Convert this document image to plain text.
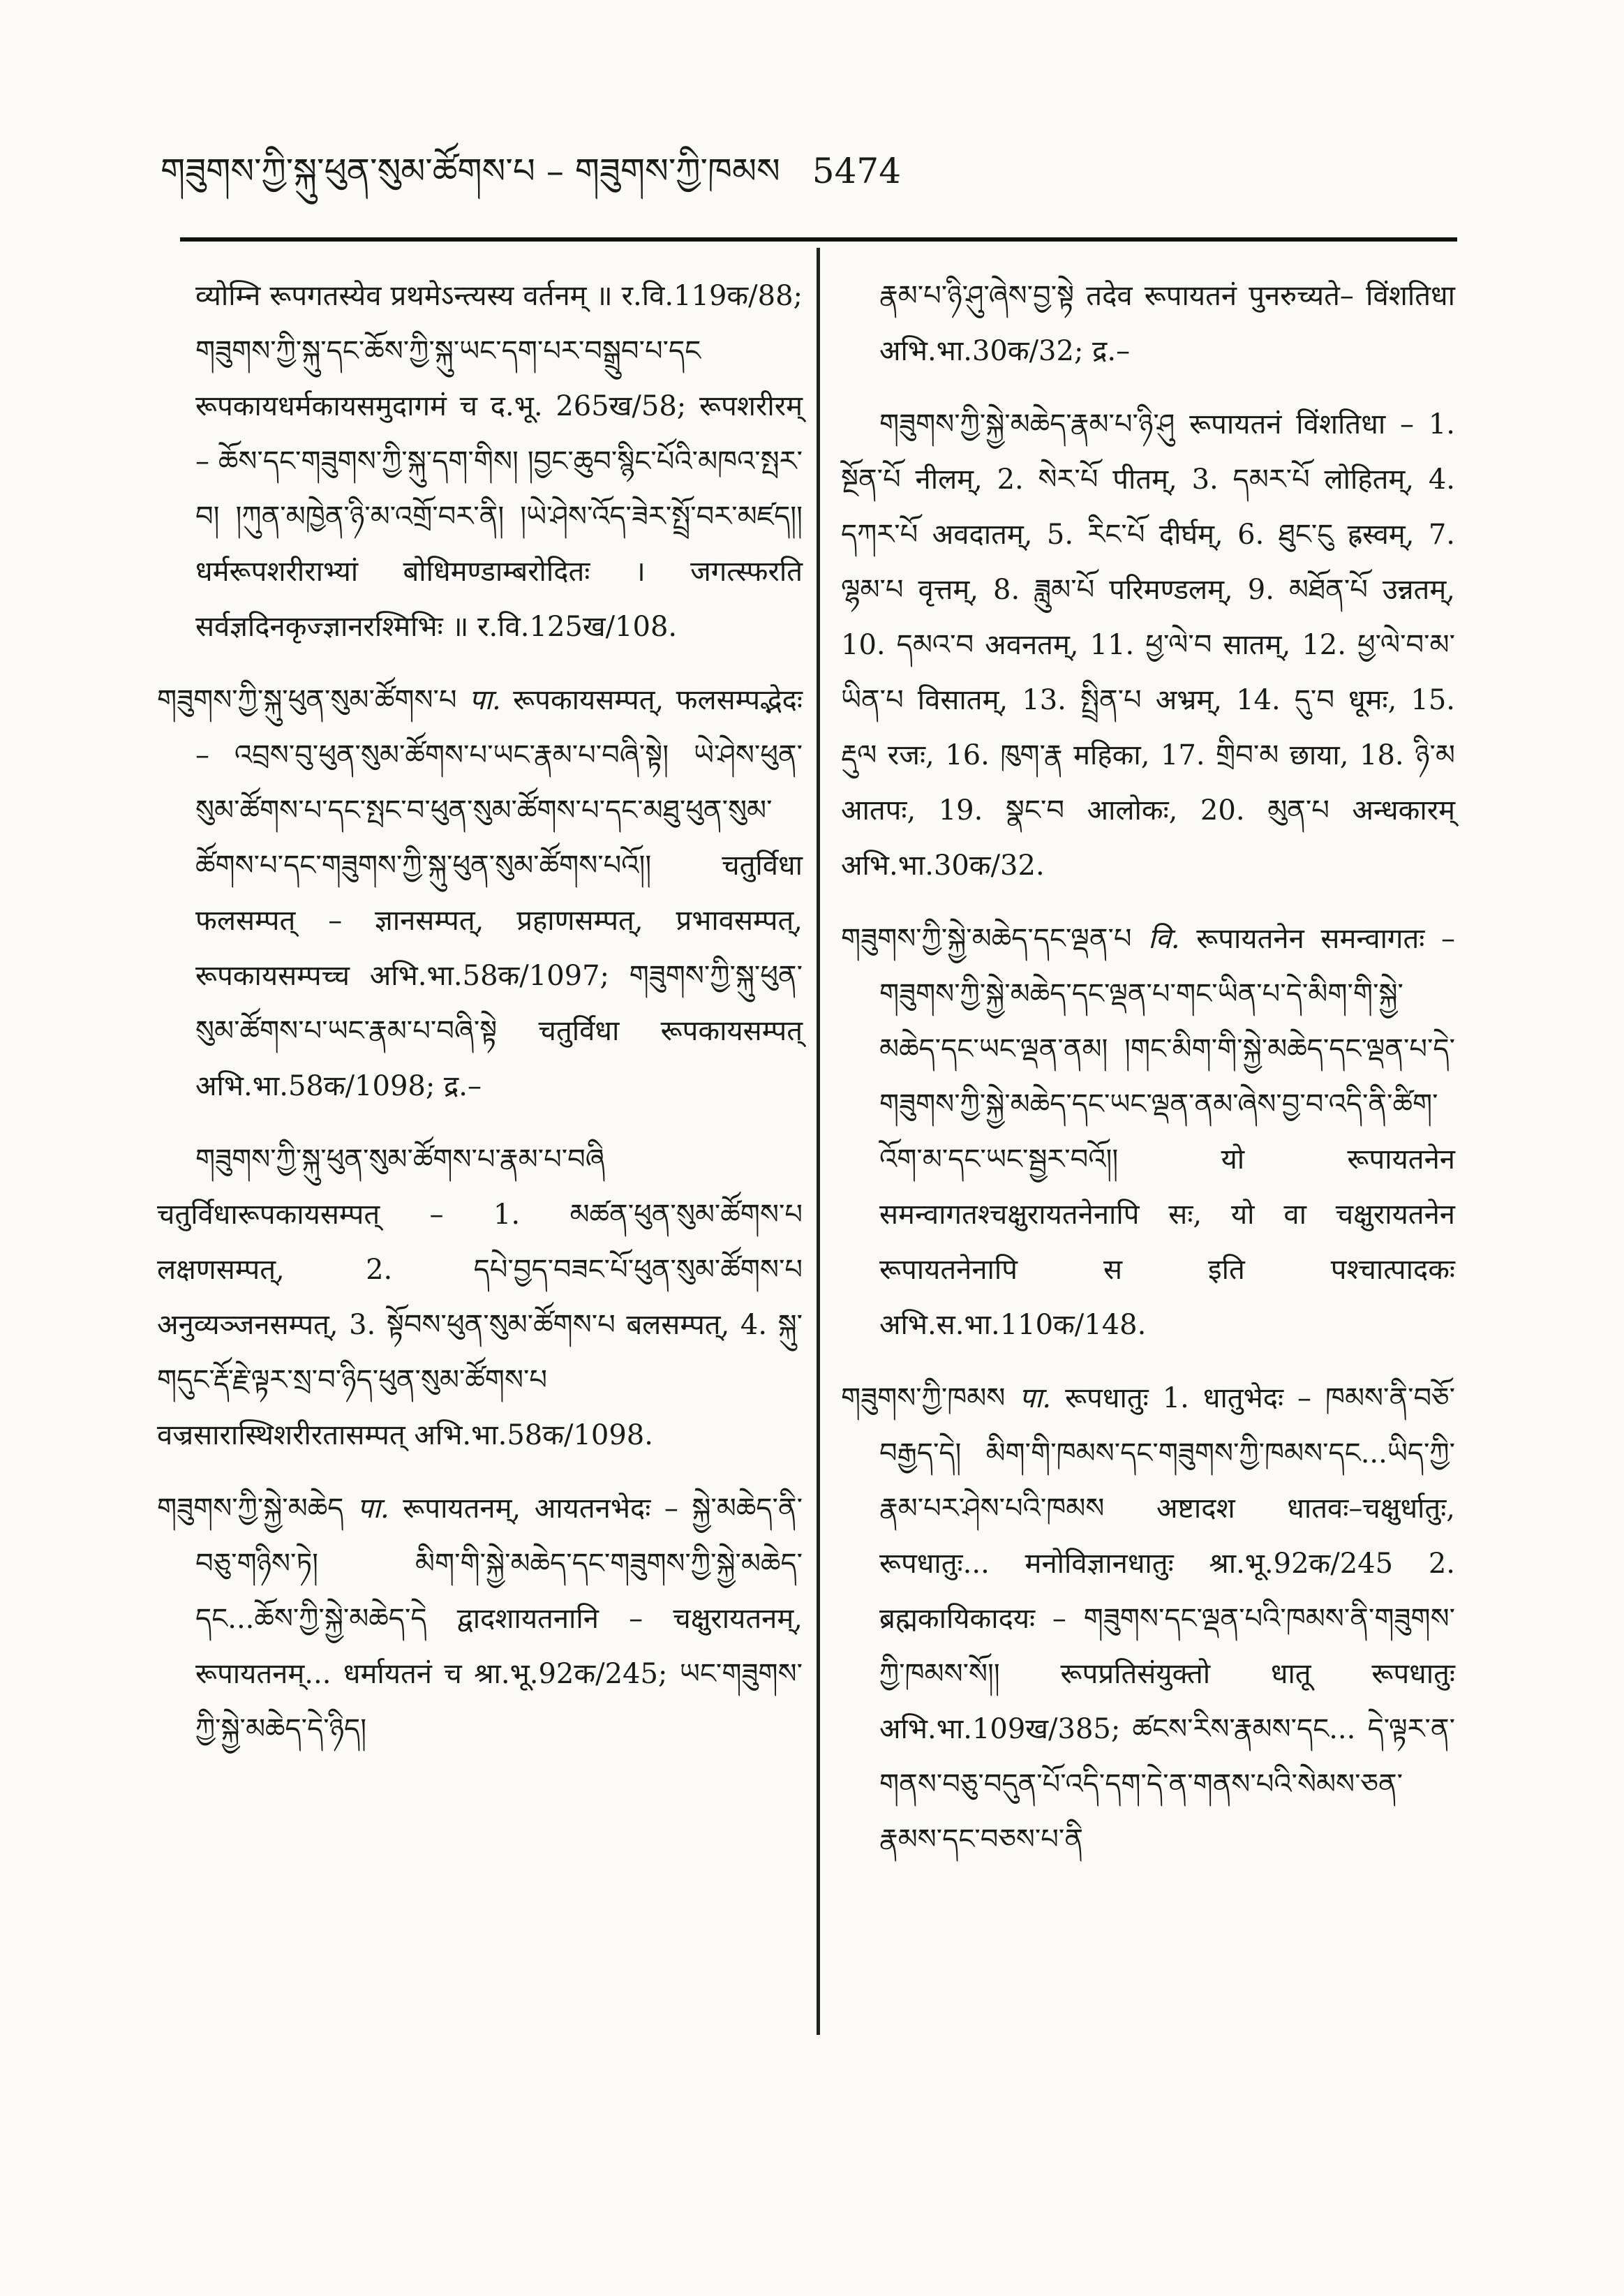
གཟུགས་ཀྱི་སྐུ་ཕུན་སུམ་ཚོགས་པ – གཟུགས་ཀྱི་ཁམས 5474

व्योम्नि रूपगतस्येव प्रथमेऽन्त्यस्य वर्तनम् ॥ र.वि.119क/88; གཟུགས་ཀྱི་སྐུ་དང་ཆོས་ཀྱི་སྐུ་ཡང་དག་པར་བསྒྲུབ་པ་དང रूपकायधर्मकायसमुदागमं च द.भू. 265ख/58; रूपशरीरम् – ཆོས་དང་གཟུགས་ཀྱི་སྐུ་དག་གིས། །བྱང་ཆུབ་སྙིང་པོའི་མཁའ་སྤར་བ། །ཀུན་མཁྱེན་ཉི་མ་འགྲོ་བར་ནི། །ཡེ་ཤེས་འོད་ཟེར་སྤྲོ་བར་མཛད།། धर्मरूपशरीराभ्यां बोधिमण्डाम्बरोदितः । जगत्स्फरति सर्वज्ञदिनकृज्ज्ञानरश्मिभिः ॥ र.वि.125ख/108.

གཟུགས་ཀྱི་སྐུ་ཕུན་སུམ་ཚོགས་པ पा. रूपकायसम्पत्, फलसम्पद्भेदः – འབྲས་བུ་ཕུན་སུམ་ཚོགས་པ་ཡང་རྣམ་པ་བཞི་སྟེ། ཡེ་ཤེས་ཕུན་སུམ་ཚོགས་པ་དང་སྤང་བ་ཕུན་སུམ་ཚོགས་པ་དང་མཐུ་ཕུན་སུམ་ཚོགས་པ་དང་གཟུགས་ཀྱི་སྐུ་ཕུན་སུམ་ཚོགས་པའོ།། चतुर्विधा फलसम्पत् – ज्ञानसम्पत्, प्रहाणसम्पत्, प्रभावसम्पत्, रूपकायसम्पच्च अभि.भा.58क/1097; གཟུགས་ཀྱི་སྐུ་ཕུན་སུམ་ཚོགས་པ་ཡང་རྣམ་པ་བཞི་སྟེ चतुर्विधा रूपकायसम्पत् अभि.भा.58क/1098; द्र.–

གཟུགས་ཀྱི་སྐུ་ཕུན་སུམ་ཚོགས་པ་རྣམ་པ་བཞི चतुर्विधारूपकायसम्पत् – 1. མཚན་ཕུན་སུམ་ཚོགས་པ लक्षणसम्पत्, 2. དཔེ་བྱད་བཟང་པོ་ཕུན་སུམ་ཚོགས་པ अनुव्यञ्जनसम्पत्, 3. སྟོབས་ཕུན་སུམ་ཚོགས་པ बलसम्पत्, 4. སྐུ་གདུང་རྡོ་རྗེ་ལྟར་སྲ་བ་ཉིད་ཕུན་སུམ་ཚོགས་པ वज्रसारास्थिशरीरतासम्पत् अभि.भा.58क/1098.

གཟུགས་ཀྱི་སྐྱེ་མཆེད पा. रूपायतनम्, आयतनभेदः – སྐྱེ་མཆེད་ནི་བཅུ་གཉིས་ཏེ། མིག་གི་སྐྱེ་མཆེད་དང་གཟུགས་ཀྱི་སྐྱེ་མཆེད་དང...ཆོས་ཀྱི་སྐྱེ་མཆེད་དེ द्वादशायतनानि – चक्षुरायतनम्, रूपायतनम्... धर्मायतनं च श्रा.भू.92क/245; ཡང་གཟུགས་ཀྱི་སྐྱེ་མཆེད་དེ་ཉིད།

རྣམ་པ་ཉི་ཤུ་ཞེས་བྱ་སྟེ तदेव रूपायतनं पुनरुच्यते– विंशतिधा अभि.भा.30क/32; द्र.–

གཟུགས་ཀྱི་སྐྱེ་མཆེད་རྣམ་པ་ཉི་ཤུ रूपायतनं विंशतिधा – 1. སྔོན་པོ नीलम्, 2. སེར་པོ पीतम्, 3. དམར་པོ लोहितम्, 4. དཀར་པོ अवदातम्, 5. རིང་པོ दीर्घम्, 6. ཐུང་ངུ ह्रस्वम्, 7. ལྷམ་པ वृत्तम्, 8. ཟླུམ་པོ परिमण्डलम्, 9. མཐོན་པོ उन्नतम्, 10. དམའ་བ अवनतम्, 11. ཕྱ་ལེ་བ सातम्, 12. ཕྱ་ལེ་བ་མ་ཡིན་པ विसातम्, 13. སྤྲིན་པ अभ्रम्, 14. དུ་བ धूमः, 15. རྡུལ रजः, 16. ཁུག་རྣ महिका, 17. གྲིབ་མ छाया, 18. ཉི་མ आतपः, 19. སྣང་བ आलोकः, 20. མུན་པ अन्धकारम् अभि.भा.30क/32.

གཟུགས་ཀྱི་སྐྱེ་མཆེད་དང་ལྡན་པ वि. रूपायतनेन समन्वागतः – གཟུགས་ཀྱི་སྐྱེ་མཆེད་དང་ལྡན་པ་གང་ཡིན་པ་དེ་མིག་གི་སྐྱེ་མཆེད་དང་ཡང་ལྡན་ནམ། །གང་མིག་གི་སྐྱེ་མཆེད་དང་ལྡན་པ་དེ་གཟུགས་ཀྱི་སྐྱེ་མཆེད་དང་ཡང་ལྡན་ནམ་ཞེས་བྱ་བ་འདི་ནི་ཚིག་འོག་མ་དང་ཡང་སྦྱར་བའོ།། यो रूपायतनेन समन्वागतश्चक्षुरायतनेनापि सः, यो वा चक्षुरायतनेन रूपायतनेनापि स इति पश्चात्पादकः अभि.स.भा.110क/148.

གཟུགས་ཀྱི་ཁམས पा. रूपधातुः 1. धातुभेदः – ཁམས་ནི་བཅོ་བརྒྱད་དེ། མིག་གི་ཁམས་དང་གཟུགས་ཀྱི་ཁམས་དང...ཡིད་ཀྱི་རྣམ་པར་ཤེས་པའི་ཁམས अष्टादश धातवः–चक्षुर्धातुः, रूपधातुः... मनोविज्ञानधातुः श्रा.भू.92क/245 2. ब्रह्मकायिकादयः – གཟུགས་དང་ལྡན་པའི་ཁམས་ནི་གཟུགས་ཀྱི་ཁམས་སོ།། रूपप्रतिसंयुक्तो धातू रूपधातुः अभि.भा.109ख/385; ཚངས་རིས་རྣམས་དང... དེ་ལྟར་ན་གནས་བཅུ་བདུན་པོ་འདི་དག་དེ་ན་གནས་པའི་སེམས་ཅན་རྣམས་དང་བཅས་པ་ནི
